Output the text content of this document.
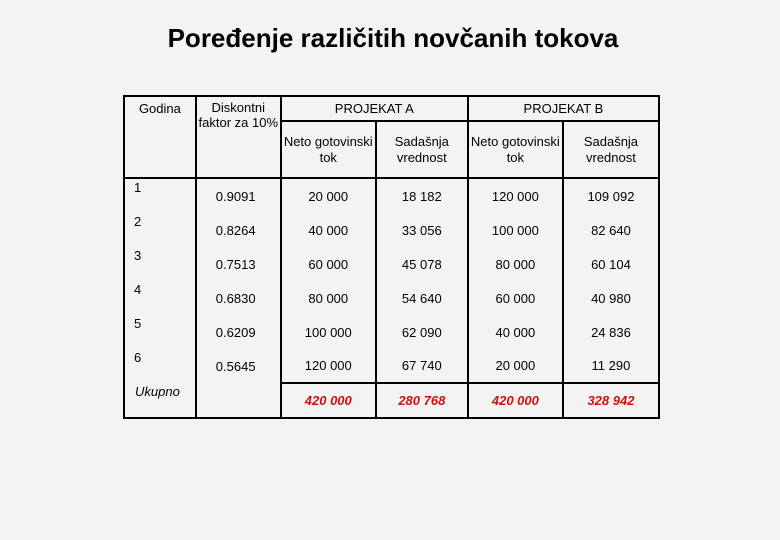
Poređenje različitih novčanih tokova
Godina	Diskontni faktor za 10%	PROJEKAT A		PROJEKAT B	
		Neto gotovinski tok	Sadašnja vrednost	Neto gotovinski tok	Sadašnja vrednost
1	0.9091	20 000	18 182	120 000	109 092
2	0.8264	40 000	33 056	100 000	82 640
3	0.7513	60 000	45 078	80 000	60 104
4	0.6830	80 000	54 640	60 000	40 980
5	0.6209	100 000	62 090	40 000	24 836
6	0.5645	120 000	67 740	20 000	11 290
Ukupno		420 000	280 768	420 000	328 942
